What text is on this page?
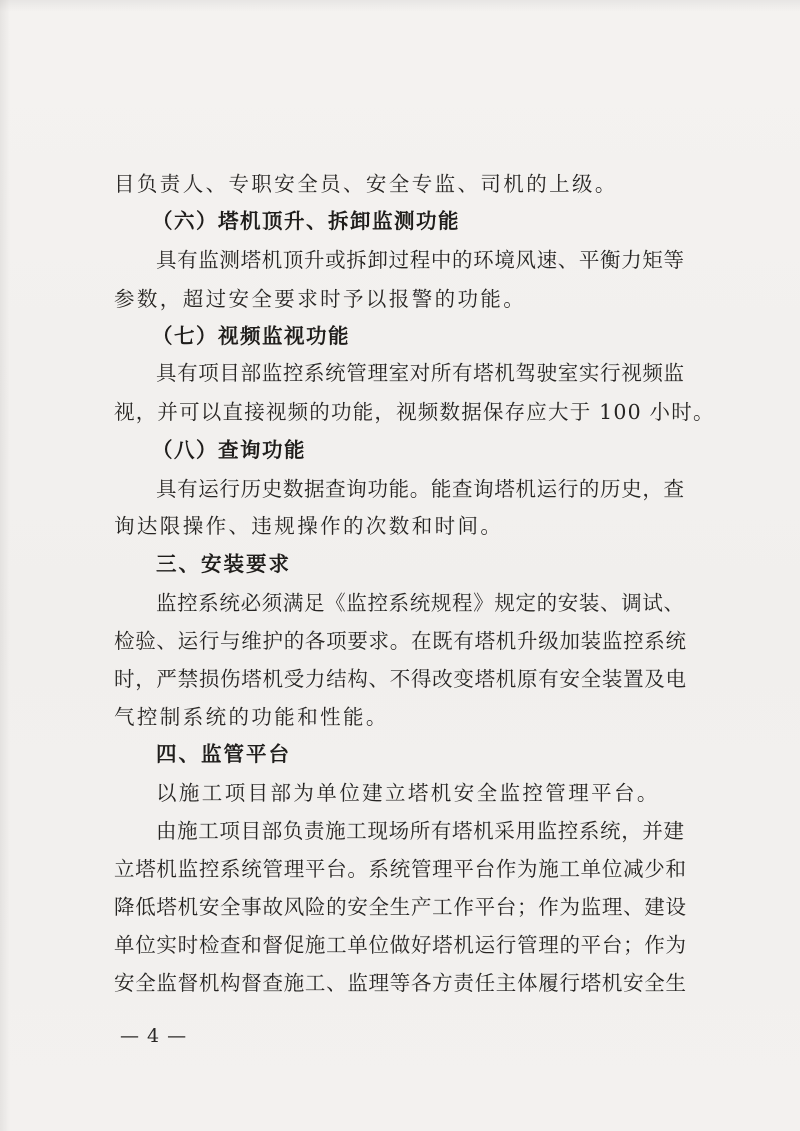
目负责人、专职安全员、安全专监、司机的上级。
（六）塔机顶升、拆卸监测功能
具有监测塔机顶升或拆卸过程中的环境风速、平衡力矩等
参数，超过安全要求时予以报警的功能。
（七）视频监视功能
具有项目部监控系统管理室对所有塔机驾驶室实行视频监
视，并可以直接视频的功能，视频数据保存应大于 100 小时。
（八）查询功能
具有运行历史数据查询功能。能查询塔机运行的历史，查
询达限操作、违规操作的次数和时间。
三、安装要求
监控系统必须满足《监控系统规程》规定的安装、调试、
检验、运行与维护的各项要求。在既有塔机升级加装监控系统
时，严禁损伤塔机受力结构、不得改变塔机原有安全装置及电
气控制系统的功能和性能。
四、监管平台
以施工项目部为单位建立塔机安全监控管理平台。
由施工项目部负责施工现场所有塔机采用监控系统，并建
立塔机监控系统管理平台。系统管理平台作为施工单位减少和
降低塔机安全事故风险的安全生产工作平台；作为监理、建设
单位实时检查和督促施工单位做好塔机运行管理的平台；作为
安全监督机构督查施工、监理等各方责任主体履行塔机安全生
— 4 —
